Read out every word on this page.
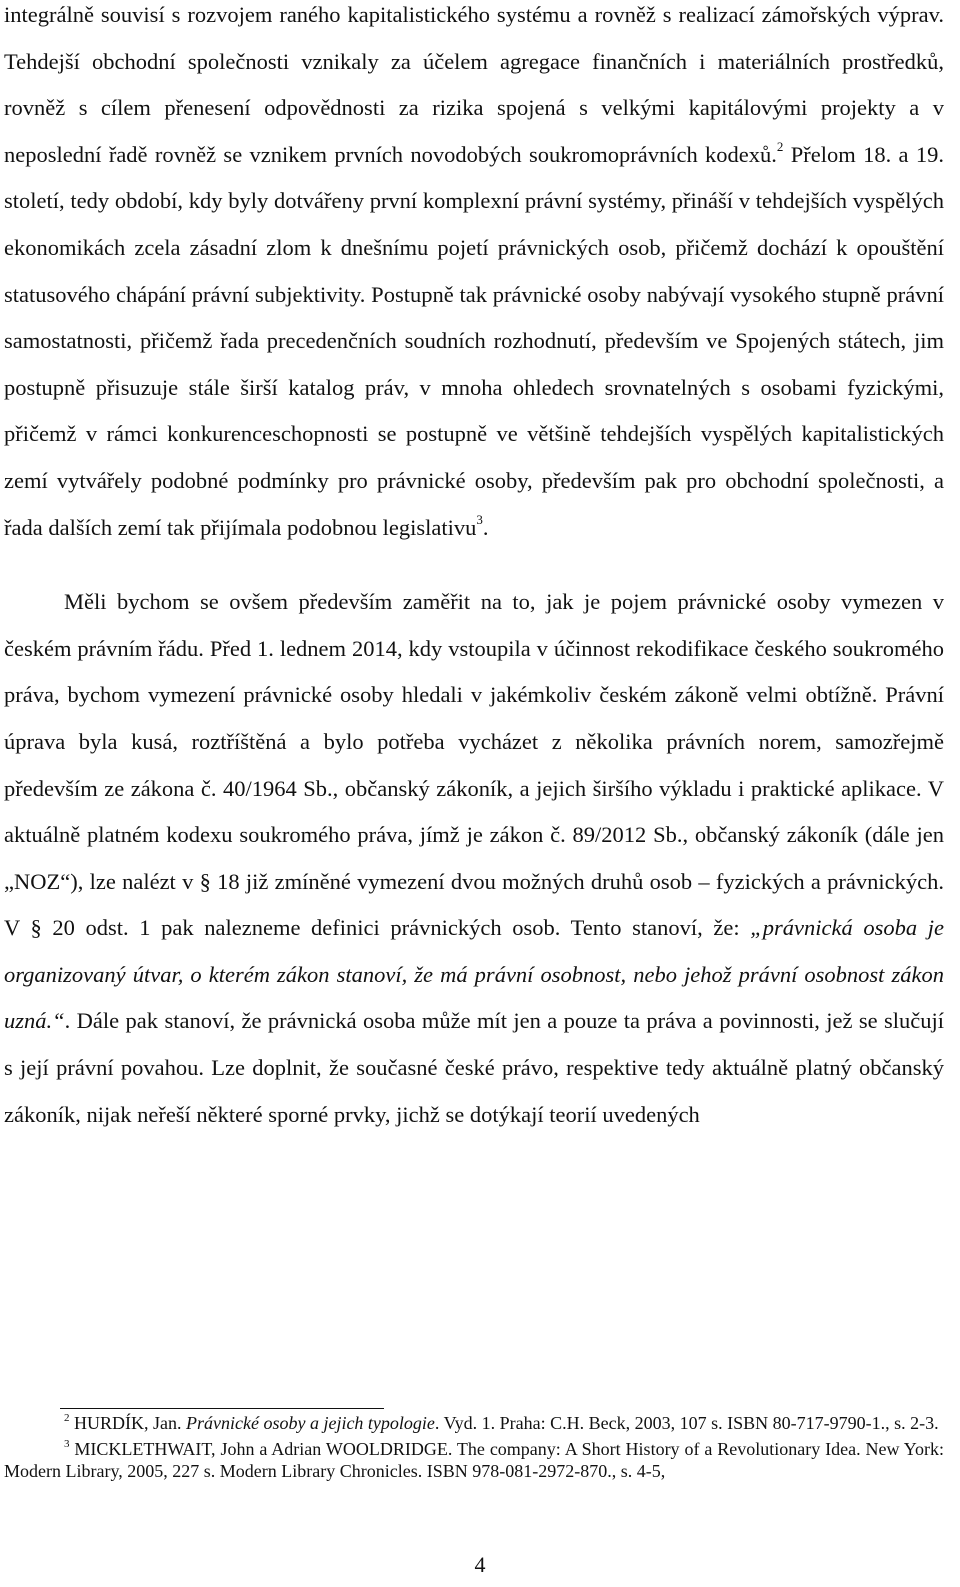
integrálně souvisí s rozvojem raného kapitalistického systému a rovněž s realizací zámořských výprav. Tehdejší obchodní společnosti vznikaly za účelem agregace finančních i materiálních prostředků, rovněž s cílem přenesení odpovědnosti za rizika spojená s velkými kapitálovými projekty a v neposlední řadě rovněž se vznikem prvních novodobých soukromoprávních kodexů.$^2$ Přelom 18. a 19. století, tedy období, kdy byly dotvářeny první komplexní právní systémy, přináší v tehdejších vyspělých ekonomikách zcela zásadní zlom k dnešnímu pojetí právnických osob, přičemž dochází k opouštění statusového chápání právní subjektivity. Postupně tak právnické osoby nabývají vysokého stupně právní samostatnosti, přičemž řada precedenčních soudních rozhodnutí, především ve Spojených státech, jim postupně přisuzuje stále širší katalog práv, v mnoha ohledech srovnatelných s osobami fyzickými, přičemž v rámci konkurenceschopnosti se postupně ve většině tehdejších vyspělých kapitalistických zemí vytvářely podobné podmínky pro právnické osoby, především pak pro obchodní společnosti, a řada dalších zemí tak přijímala podobnou legislativu$^3$.

Měli bychom se ovšem především zaměřit na to, jak je pojem právnické osoby vymezen v českém právním řádu. Před 1. lednem 2014, kdy vstoupila v účinnost rekodifikace českého soukromého práva, bychom vymezení právnické osoby hledali v jakémkoliv českém zákoně velmi obtížně. Právní úprava byla kusá, roztříštěná a bylo potřeba vycházet z několika právních norem, samozřejmě především ze zákona č. 40/1964 Sb., občanský zákoník, a jejich širšího výkladu i praktické aplikace. V aktuálně platném kodexu soukromého práva, jímž je zákon č. 89/2012 Sb., občanský zákoník (dále jen „NOZ“), lze nalézt v § 18 již zmíněné vymezení dvou možných druhů osob – fyzických a právnických. V § 20 odst. 1 pak nalezneme definici právnických osob. Tento stanoví, že: „právnická osoba je organizovaný útvar, o kterém zákon stanoví, že má právní osobnost, nebo jehož právní osobnost zákon uzná.“. Dále pak stanoví, že právnická osoba může mít jen a pouze ta práva a povinnosti, jež se slučují s její právní povahou. Lze doplnit, že současné české právo, respektive tedy aktuálně platný občanský zákoník, nijak neřeší některé sporné prvky, jichž se dotýkají teorií uvedených

$^2$ HURDÍK, Jan. Právnické osoby a jejich typologie. Vyd. 1. Praha: C.H. Beck, 2003, 107 s. ISBN 80-717-9790-1., s. 2-3.

$^3$ MICKLETHWAIT, John a Adrian WOOLDRIDGE. The company: A Short History of a Revolutionary Idea. New York: Modern Library, 2005, 227 s. Modern Library Chronicles. ISBN 978-081-2972-870., s. 4-5,

4
